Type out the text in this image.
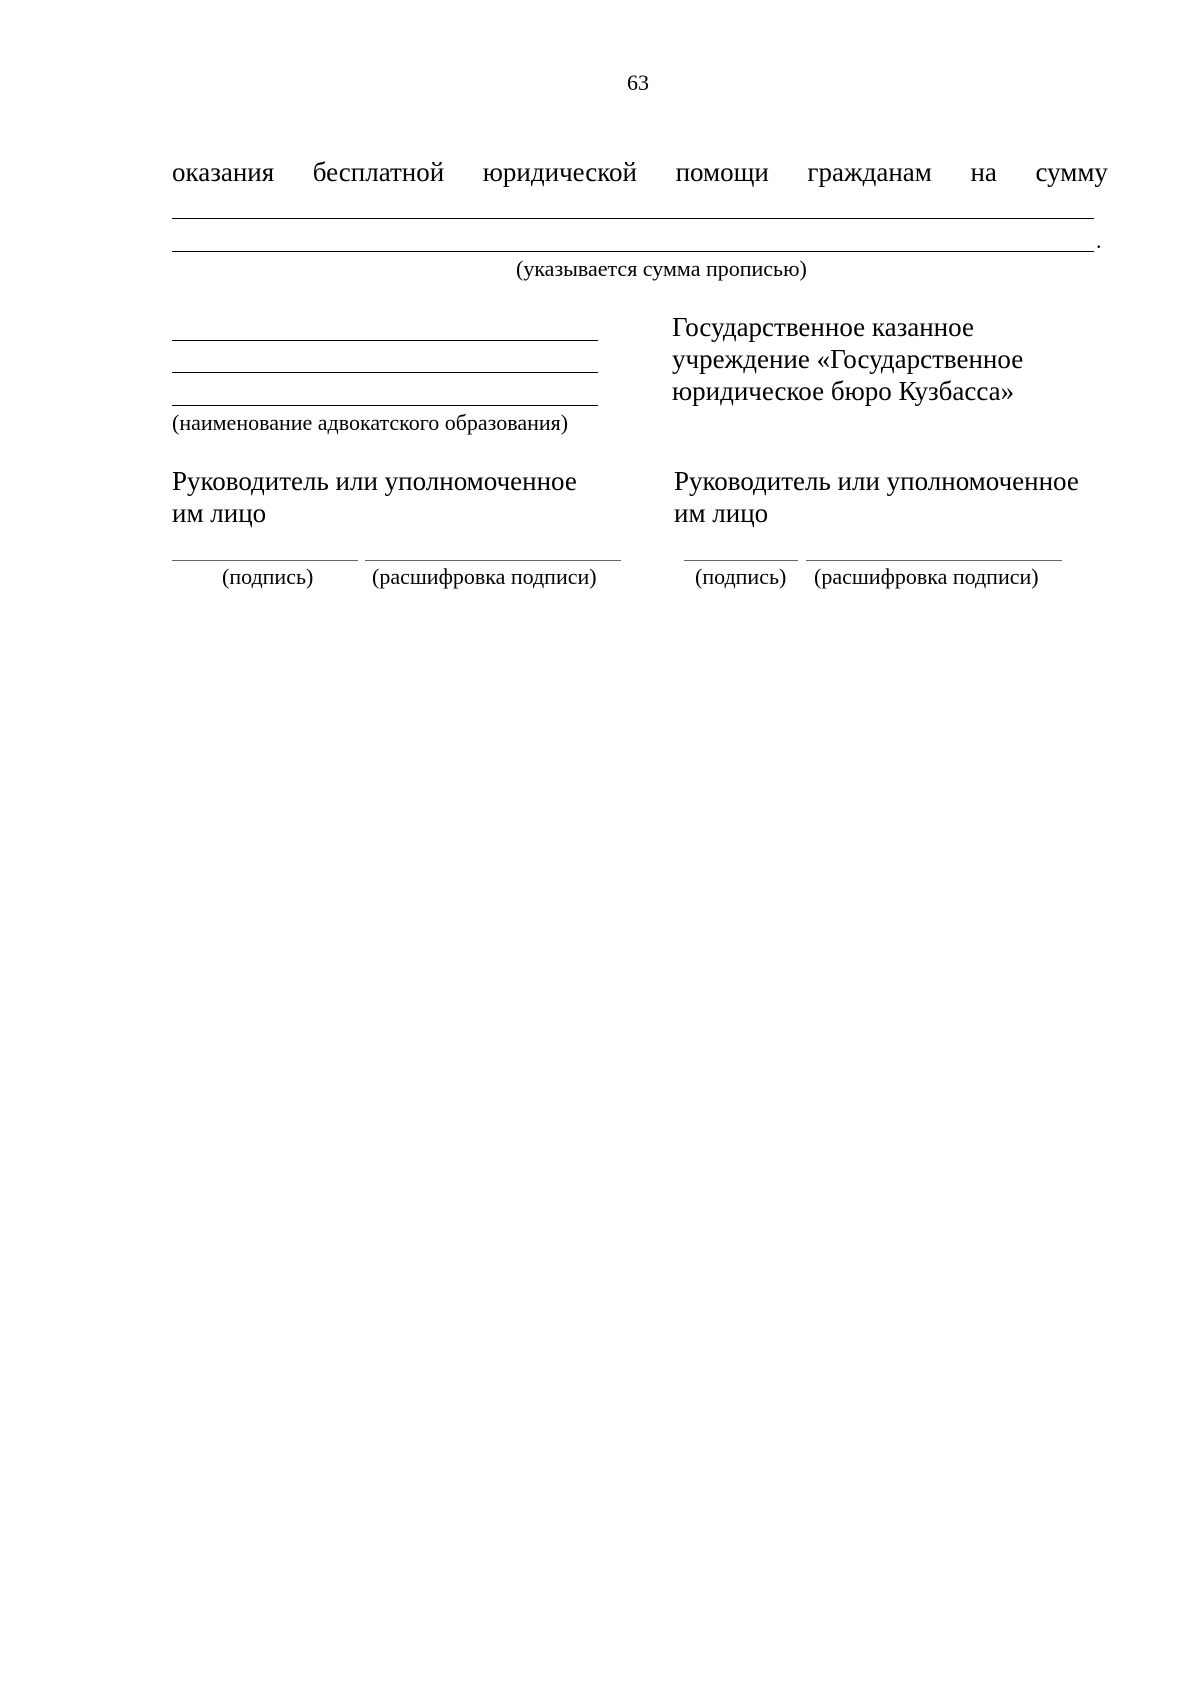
63
оказания бесплатной юридической помощи гражданам на сумму
.
(указывается сумма прописью)
(наименование адвокатского образования)
Государственное казанное
учреждение «Государственное
юридическое бюро Кузбасса»
Руководитель или уполномоченное
им лицо
Руководитель или уполномоченное
им лицо
(подпись)	(расшифровка подписи)	(подпись) (расшифровка подписи)
